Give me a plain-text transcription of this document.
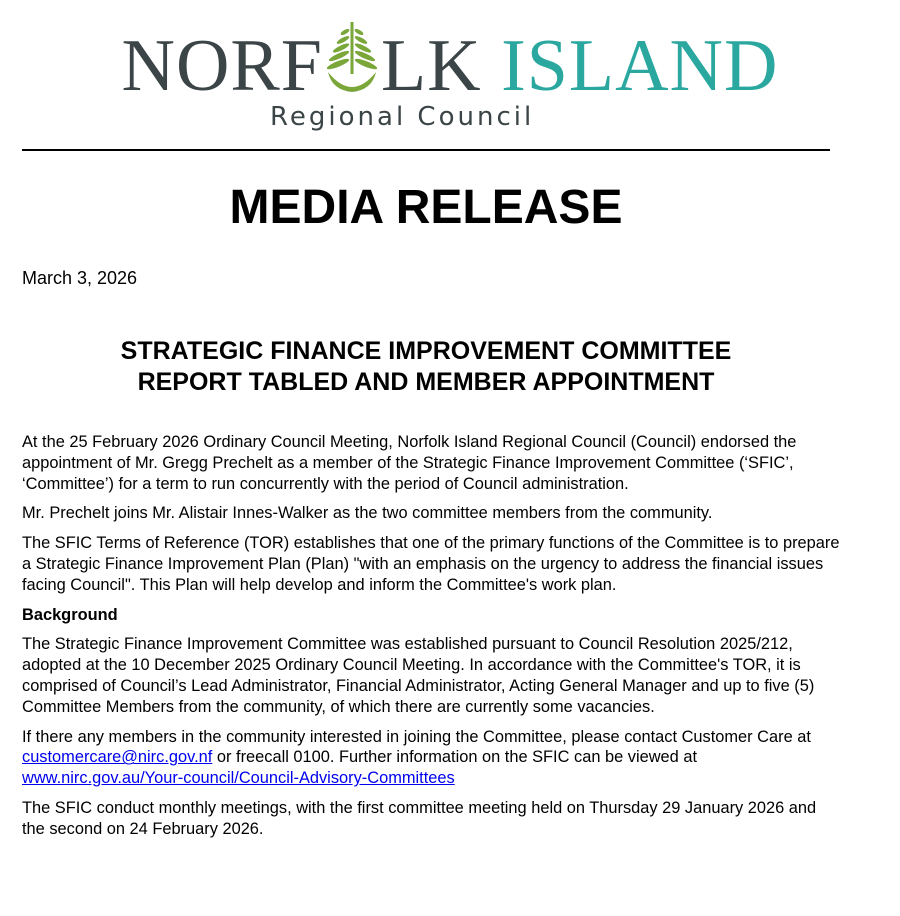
NORF LK ISLAND
Regional Council
MEDIA RELEASE
March 3, 2026
STRATEGIC FINANCE IMPROVEMENT COMMITTEE
REPORT TABLED AND MEMBER APPOINTMENT

At the 25 February 2026 Ordinary Council Meeting, Norfolk Island Regional Council (Council) endorsed the appointment of Mr. Gregg Prechelt as a member of the Strategic Finance Improvement Committee (‘SFIC’, ‘Committee’) for a term to run concurrently with the period of Council administration.

Mr. Prechelt joins Mr. Alistair Innes-Walker as the two committee members from the community.

The SFIC Terms of Reference (TOR) establishes that one of the primary functions of the Committee is to prepare a Strategic Finance Improvement Plan (Plan) "with an emphasis on the urgency to address the financial issues facing Council". This Plan will help develop and inform the Committee's work plan.

Background

The Strategic Finance Improvement Committee was established pursuant to Council Resolution 2025/212, adopted at the 10 December 2025 Ordinary Council Meeting. In accordance with the Committee's TOR, it is comprised of Council’s Lead Administrator, Financial Administrator, Acting General Manager and up to five (5) Committee Members from the community, of which there are currently some vacancies.

If there any members in the community interested in joining the Committee, please contact Customer Care at customercare@nirc.gov.nf or freecall 0100. Further information on the SFIC can be viewed at www.nirc.gov.au/Your-council/Council-Advisory-Committees

The SFIC conduct monthly meetings, with the first committee meeting held on Thursday 29 January 2026 and the second on 24 February 2026.
